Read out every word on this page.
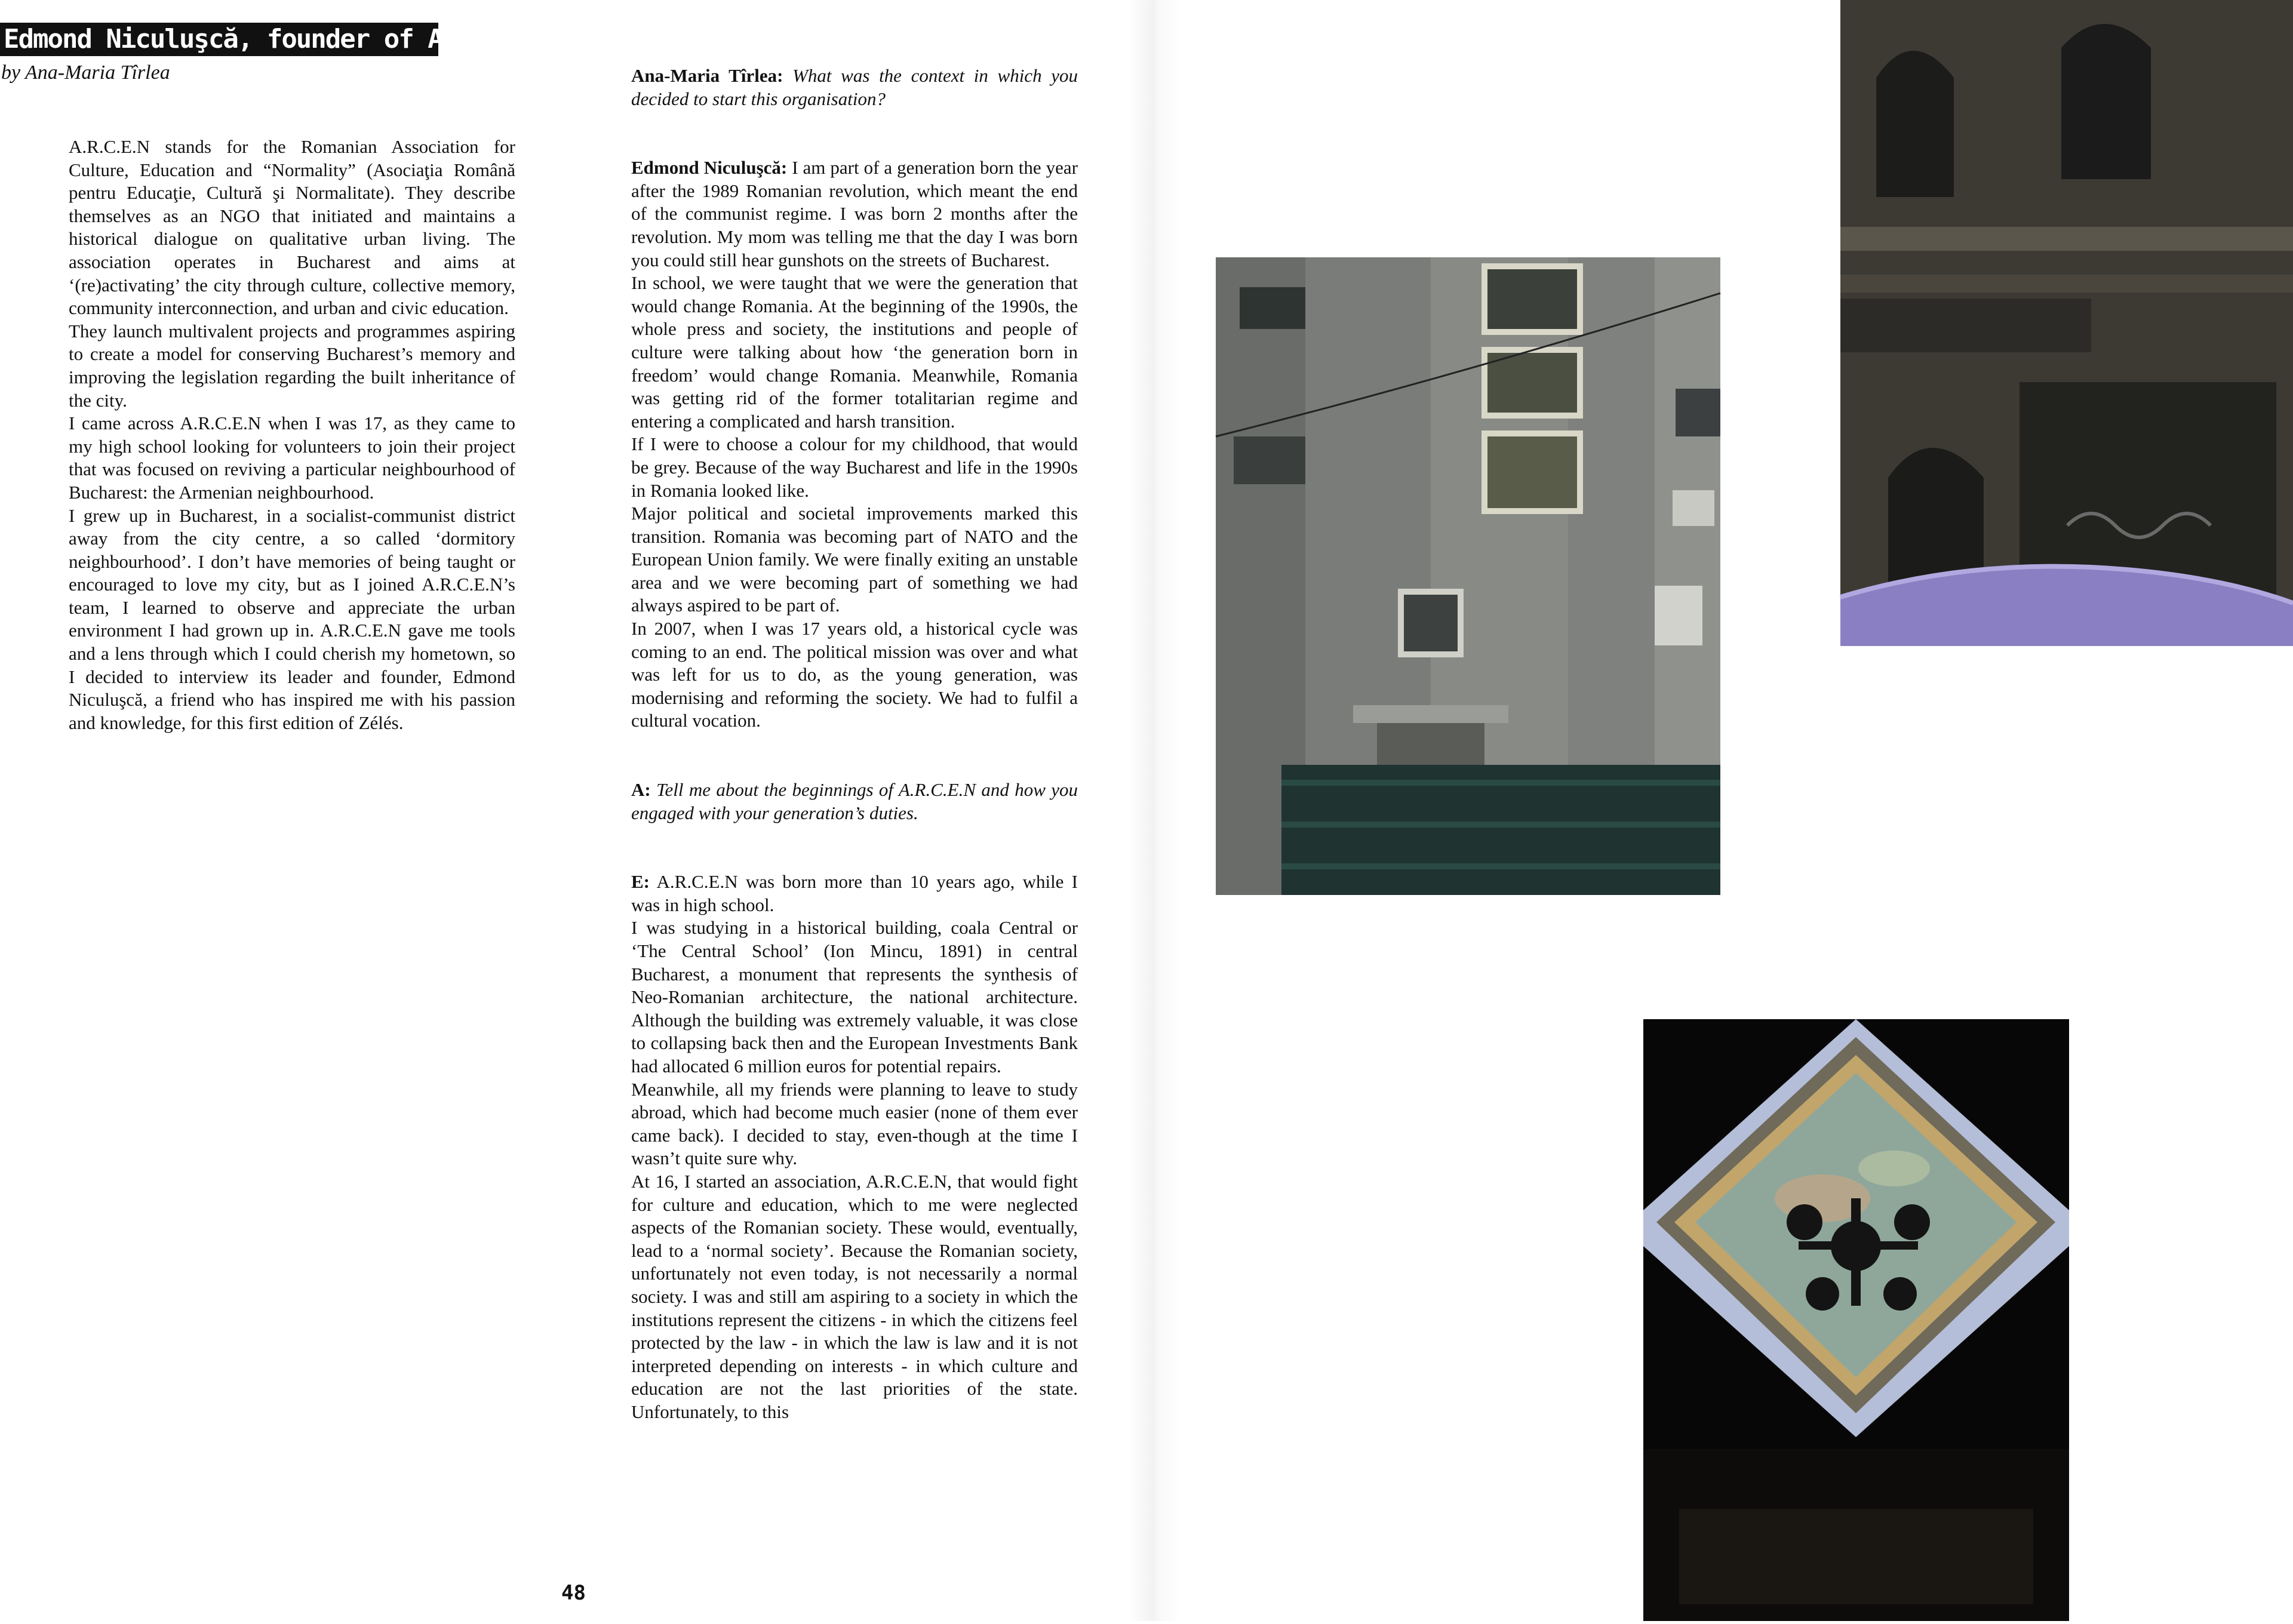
Edmond Niculuşcă, founder of A.R.C.E.N.
by Ana-Maria Tîrlea

A.R.C.E.N stands for the Romanian Association for Culture, Education and “Normality” (Asociaţia Română pentru Educaţie, Cultură şi Normalitate). They describe themselves as an NGO that initiated and maintains a historical dialogue on qualitative urban living. The association operates in Bucharest and aims at ‘(re)activating’ the city through culture, collective memory, community interconnection, and urban and civic education.

They launch multivalent projects and programmes aspiring to create a model for conserving Bucharest’s memory and improving the legislation regarding the built inheritance of the city.

I came across A.R.C.E.N when I was 17, as they came to my high school looking for volunteers to join their project that was focused on reviving a particular neighbourhood of Bucharest: the Armenian neighbourhood.

I grew up in Bucharest, in a socialist-communist district away from the city centre, a so called ‘dormitory neighbourhood’. I don’t have memories of being taught or encouraged to love my city, but as I joined A.R.C.E.N’s team, I learned to observe and appreciate the urban environment I had grown up in. A.R.C.E.N gave me tools and a lens through which I could cherish my hometown, so I decided to interview its leader and founder, Edmond Niculuşcă, a friend who has inspired me with his passion and knowledge, for this first edition of Zélés.

Ana-Maria Tîrlea: What was the context in which you decided to start this organisation?

Edmond Niculuşcă: I am part of a generation born the year after the 1989 Romanian revolution, which meant the end of the communist regime. I was born 2 months after the revolution. My mom was telling me that the day I was born you could still hear gunshots on the streets of Bucharest.

In school, we were taught that we were the generation that would change Romania. At the beginning of the 1990s, the whole press and society, the institutions and people of culture were talking about how ‘the generation born in freedom’ would change Romania. Meanwhile, Romania was getting rid of the former totalitarian regime and entering a complicated and harsh transition.

If I were to choose a colour for my childhood, that would be grey. Because of the way Bucharest and life in the 1990s in Romania looked like.

Major political and societal improvements marked this transition. Romania was becoming part of NATO and the European Union family. We were finally exiting an unstable area and we were becoming part of something we had always aspired to be part of.

In 2007, when I was 17 years old, a historical cycle was coming to an end. The political mission was over and what was left for us to do, as the young generation, was modernising and reforming the society. We had to fulfil a cultural vocation.

A: Tell me about the beginnings of A.R.C.E.N and how you engaged with your generation’s duties.

E: A.R.C.E.N was born more than 10 years ago, while I was in high school.

I was studying in a historical building, coala Central or ‘The Central School’ (Ion Mincu, 1891) in central Bucharest, a monument that represents the synthesis of Neo-Romanian architecture, the national architecture. Although the building was extremely valuable, it was close to collapsing back then and the European Investments Bank had allocated 6 million euros for potential repairs.

Meanwhile, all my friends were planning to leave to study abroad, which had become much easier (none of them ever came back). I decided to stay, even-though at the time I wasn’t quite sure why.

At 16, I started an association, A.R.C.E.N, that would fight for culture and education, which to me were neglected aspects of the Romanian society. These would, eventually, lead to a ‘normal society’. Because the Romanian society, unfortunately not even today, is not necessarily a normal society. I was and still am aspiring to a society in which the institutions represent the citizens - in which the citizens feel protected by the law - in which the law is law and it is not interpreted depending on interests - in which culture and education are not the last priorities of the state. Unfortunately, to this

48
